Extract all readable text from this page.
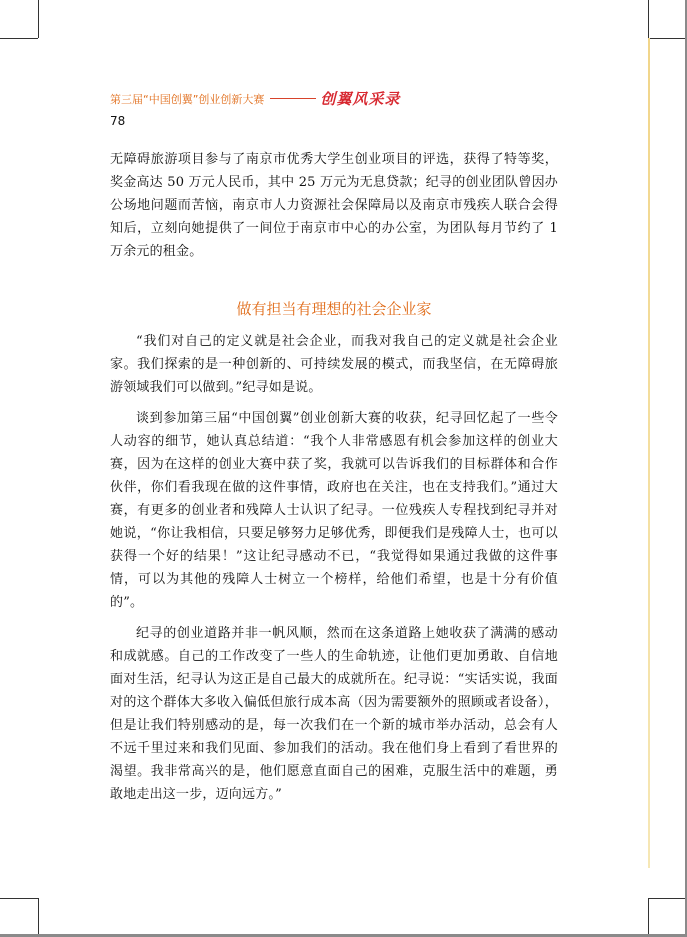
第三届“中国创翼”创业创新大赛	创翼风采录
78

无障碍旅游项目参与了南京市优秀大学生创业项目的评选，获得了特等奖，奖金高达 50 万元人民币，其中 25 万元为无息贷款；纪寻的创业团队曾因办公场地问题而苦恼，南京市人力资源社会保障局以及南京市残疾人联合会得知后，立刻向她提供了一间位于南京市中心的办公室，为团队每月节约了 1 万余元的租金。

做有担当有理想的社会企业家

“我们对自己的定义就是社会企业，而我对我自己的定义就是社会企业家。我们探索的是一种创新的、可持续发展的模式，而我坚信，在无障碍旅游领域我们可以做到。”纪寻如是说。

谈到参加第三届“中国创翼”创业创新大赛的收获，纪寻回忆起了一些令人动容的细节，她认真总结道：“我个人非常感恩有机会参加这样的创业大赛，因为在这样的创业大赛中获了奖，我就可以告诉我们的目标群体和合作伙伴，你们看我现在做的这件事情，政府也在关注，也在支持我们。”通过大赛，有更多的创业者和残障人士认识了纪寻。一位残疾人专程找到纪寻并对她说，“你让我相信，只要足够努力足够优秀，即便我们是残障人士，也可以获得一个好的结果！”这让纪寻感动不已，“我觉得如果通过我做的这件事情，可以为其他的残障人士树立一个榜样，给他们希望，也是十分有价值的”。

纪寻的创业道路并非一帆风顺，然而在这条道路上她收获了满满的感动和成就感。自己的工作改变了一些人的生命轨迹，让他们更加勇敢、自信地面对生活，纪寻认为这正是自己最大的成就所在。纪寻说：“实话实说，我面对的这个群体大多收入偏低但旅行成本高（因为需要额外的照顾或者设备），但是让我们特别感动的是，每一次我们在一个新的城市举办活动，总会有人不远千里过来和我们见面、参加我们的活动。我在他们身上看到了看世界的渴望。我非常高兴的是，他们愿意直面自己的困难，克服生活中的难题，勇敢地走出这一步，迈向远方。”
